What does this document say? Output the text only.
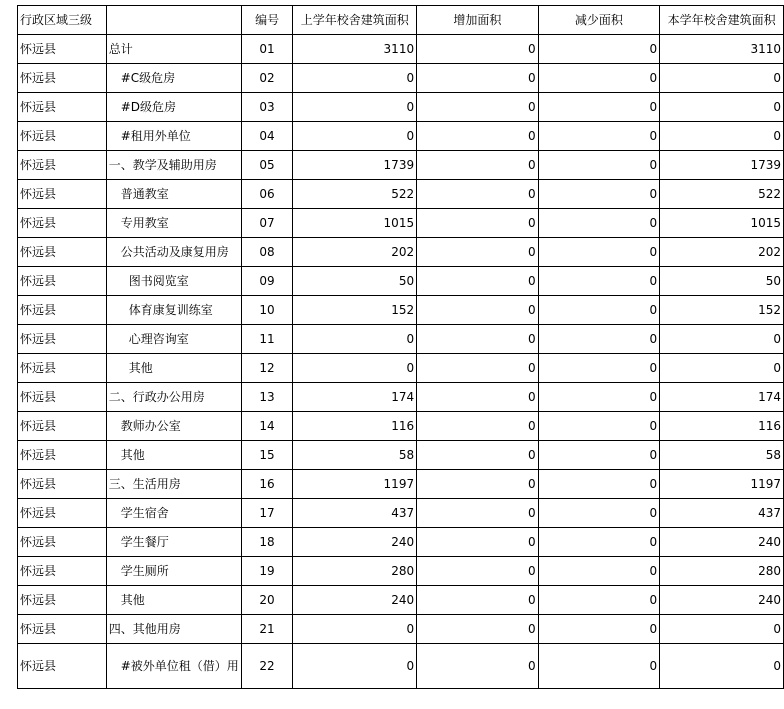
行政区域三级		编号	上学年校舍建筑面积	增加面积	减少面积	本学年校舍建筑面积
怀远县	总计	01	3110	0	0	3110
怀远县	#C级危房	02	0	0	0	0
怀远县	#D级危房	03	0	0	0	0
怀远县	#租用外单位	04	0	0	0	0
怀远县	一、教学及辅助用房	05	1739	0	0	1739
怀远县	普通教室	06	522	0	0	522
怀远县	专用教室	07	1015	0	0	1015
怀远县	公共活动及康复用房	08	202	0	0	202
怀远县	图书阅览室	09	50	0	0	50
怀远县	体育康复训练室	10	152	0	0	152
怀远县	心理咨询室	11	0	0	0	0
怀远县	其他	12	0	0	0	0
怀远县	二、行政办公用房	13	174	0	0	174
怀远县	教师办公室	14	116	0	0	116
怀远县	其他	15	58	0	0	58
怀远县	三、生活用房	16	1197	0	0	1197
怀远县	学生宿舍	17	437	0	0	437
怀远县	学生餐厅	18	240	0	0	240
怀远县	学生厕所	19	280	0	0	280
怀远县	其他	20	240	0	0	240
怀远县	四、其他用房	21	0	0	0	0
怀远县	#被外单位租（借）用	22	0	0	0	0
